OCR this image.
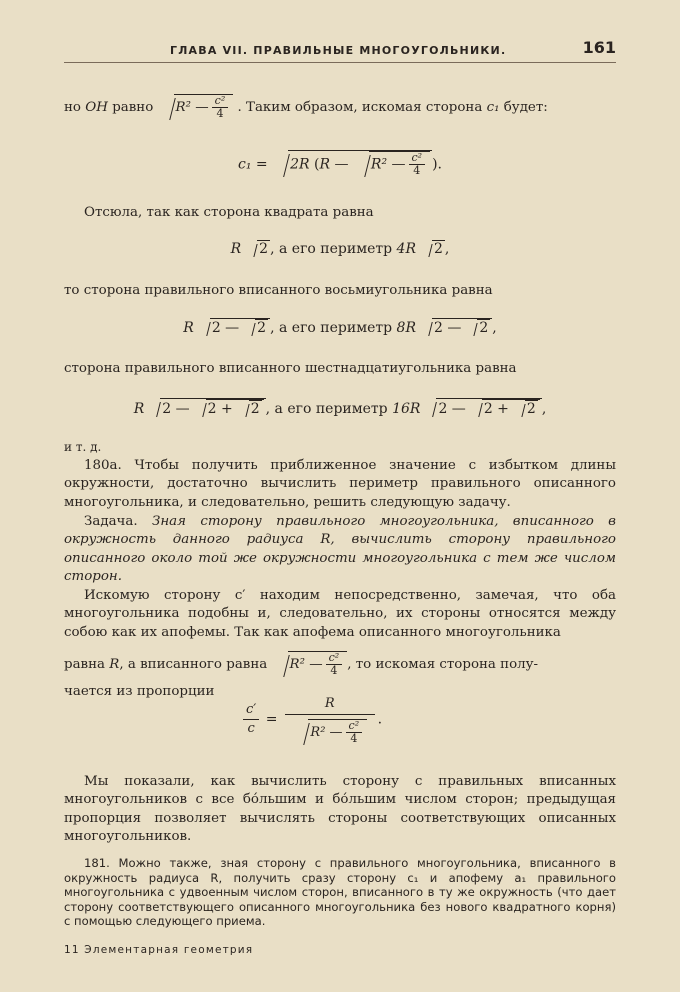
ГЛАВА VII. ПРАВИЛЬНЫЕ МНОГОУГОЛЬНИКИ.	161
но OH равно R² — $\frac{\text{c²}}{4}$ . Таким образом, искомая сторона c₁ будет:
c₁ = 2R (R — R² — $\frac{\text{c²}}{4}$ ).
Отсюла, так как сторона квадрата равна
R 2 , а его периметр 4R 2 ,
то сторона правильного вписанного восьмиугольника равна
R 2 — 2 , а его периметр 8R 2 — 2 ,
сторона правильного вписанного шестнадцатиугольника равна
R 2 — 2 + 2 , а его периметр 16R 2 — 2 + 2 ,
и т. д.
180а. Чтобы получить приближенное значение с избытком длины окружности, достаточно вычислить периметр правильного описанного многоугольника, и следовательно, решить следующую задачу.
Задача. Зная сторону правильного многоугольника, вписанного в окружность данного радиуса R, вычислить сторону правильного описанного около той же окружности многоугольника с тем же числом сторон.
Искомую сторону c′ находим непосредственно, замечая, что оба многоугольника подобны и, следовательно, их стороны относятся между собою как их апофемы. Так как апофема описанного многоугольника
равна R, а вписанного равна R² — $\frac{\text{c²}}{4}$ , то искомая сторона полу-
чается из пропорции
$\frac{c'}{c} = \frac{R}{R^2 — \frac{\text{c²}}{4}}$ .
Мы показали, как вычислить сторону c правильных вписанных многоугольников с все бо́льшим и бо́льшим числом сторон; предыдущая пропорция позволяет вычислять стороны соответствующих описанных многоугольников.
181. Можно также, зная сторону c правильного многоугольника, вписанного в окружность радиуса R, получить сразу сторону c₁ и апофему a₁ правильного многоугольника с удвоенным числом сторон, вписанного в ту же окружность (что дает сторону соответствующего описанного многоугольника без нового квадратного корня) с помощью следующего приема.
11 Элементарная геометрия
